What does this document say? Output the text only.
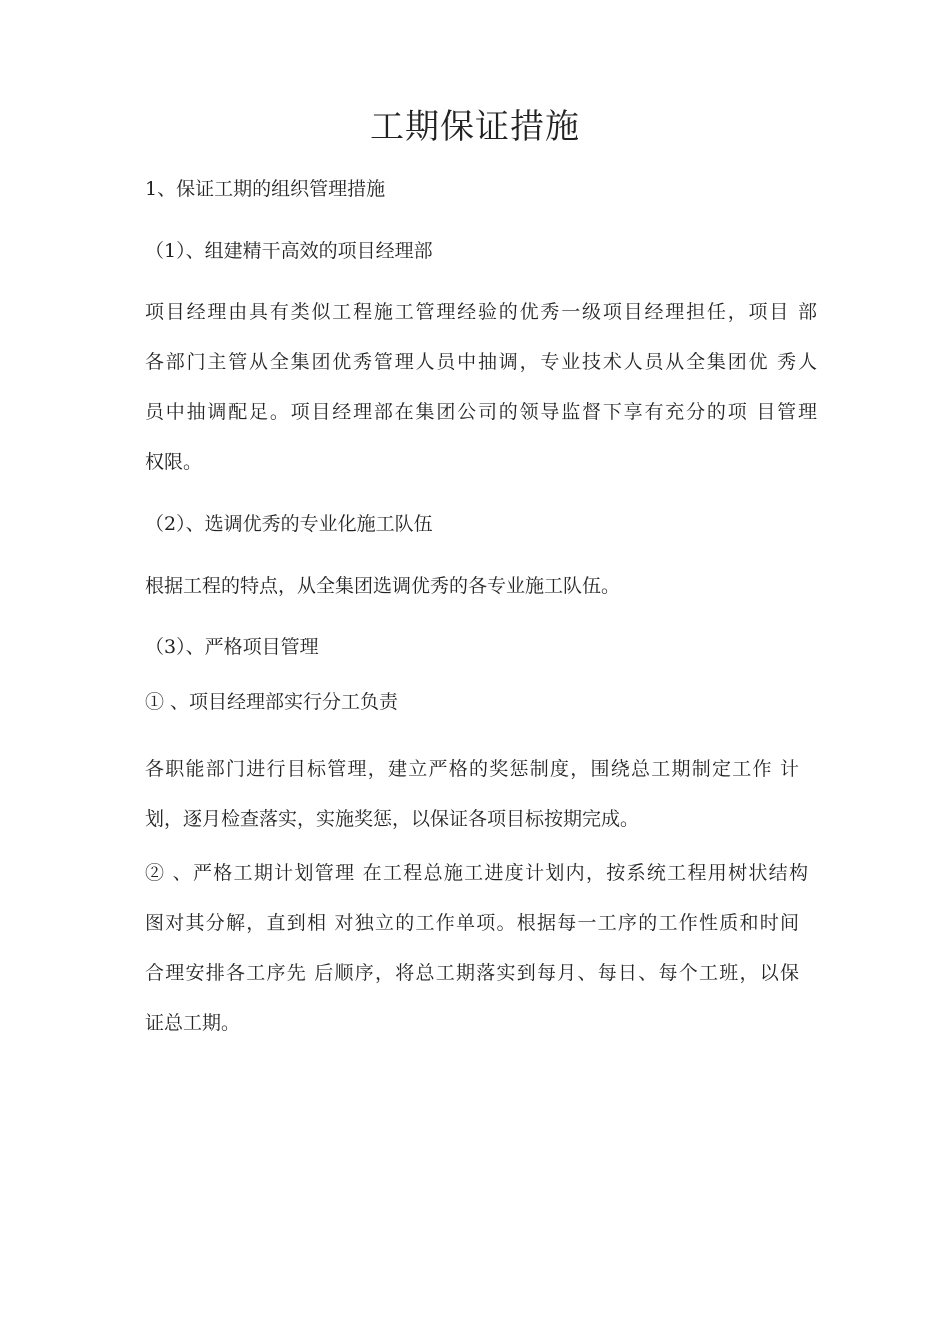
工期保证措施

1、保证工期的组织管理措施

（1）、组建精干高效的项目经理部

项目经理由具有类似工程施工管理经验的优秀一级项目经理担任，项目 部
各部门主管从全集团优秀管理人员中抽调，专业技术人员从全集团优 秀人
员中抽调配足。项目经理部在集团公司的领导监督下享有充分的项 目管理
权限。

（2）、选调优秀的专业化施工队伍

根据工程的特点，从全集团选调优秀的各专业施工队伍。

（3）、严格项目管理

① 、项目经理部实行分工负责

各职能部门进行目标管理，建立严格的奖惩制度，围绕总工期制定工作 计
划，逐月检查落实，实施奖惩，以保证各项目标按期完成。
② 、严格工期计划管理 在工程总施工进度计划内，按系统工程用树状结构
图对其分解，直到相 对独立的工作单项。根据每一工序的工作性质和时间
合理安排各工序先 后顺序，将总工期落实到每月、每日、每个工班，以保
证总工期。
